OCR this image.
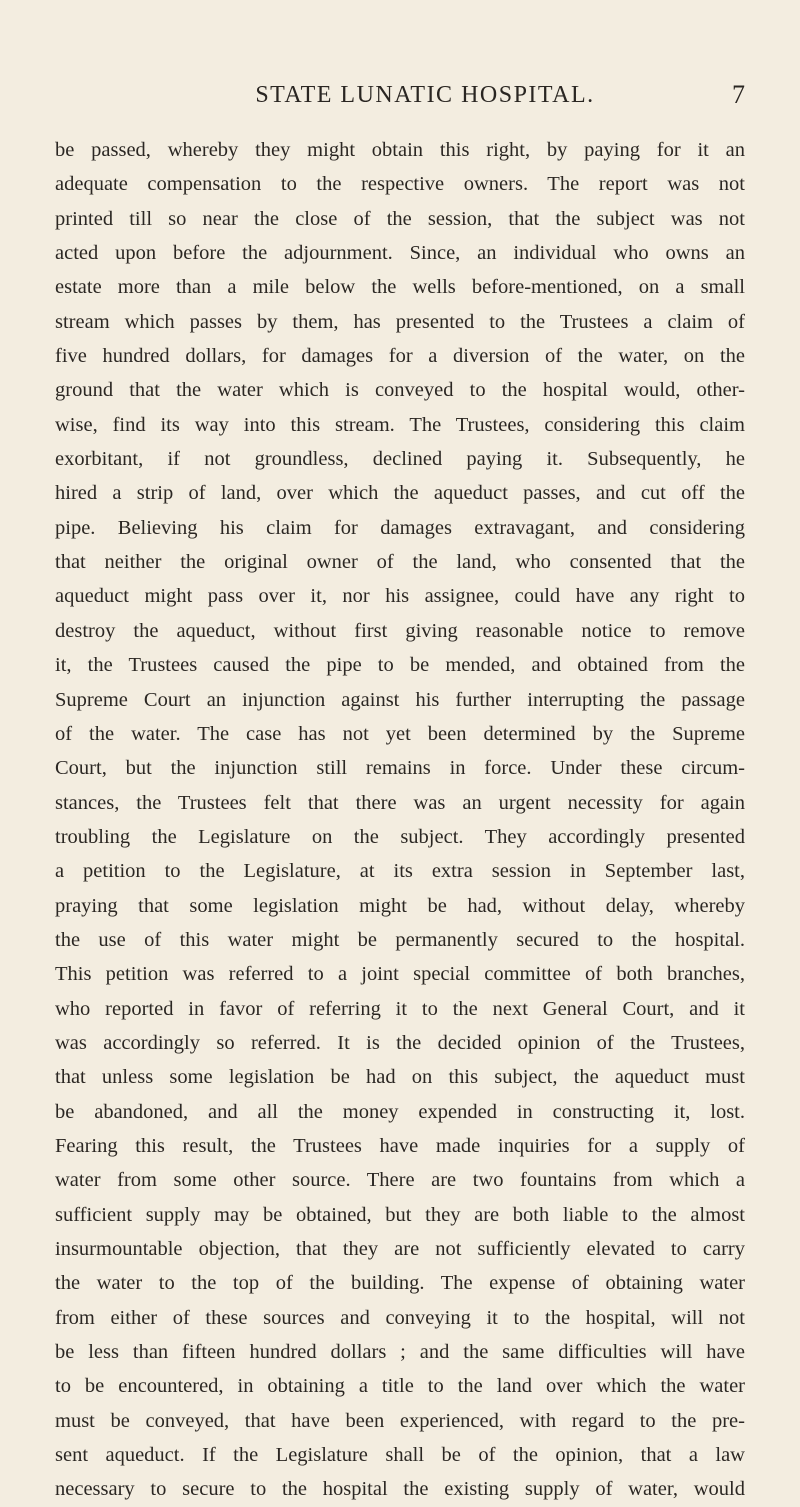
STATE LUNATIC HOSPITAL.	7
be passed, whereby they might obtain this right, by paying for it an
adequate compensation to the respective owners. The report was not
printed till so near the close of the session, that the subject was not
acted upon before the adjournment. Since, an individual who owns an
estate more than a mile below the wells before-mentioned, on a small
stream which passes by them, has presented to the Trustees a claim of
five hundred dollars, for damages for a diversion of the water, on the
ground that the water which is conveyed to the hospital would, other-
wise, find its way into this stream. The Trustees, considering this claim
exorbitant, if not groundless, declined paying it. Subsequently, he
hired a strip of land, over which the aqueduct passes, and cut off the
pipe. Believing his claim for damages extravagant, and considering
that neither the original owner of the land, who consented that the
aqueduct might pass over it, nor his assignee, could have any right to
destroy the aqueduct, without first giving reasonable notice to remove
it, the Trustees caused the pipe to be mended, and obtained from the
Supreme Court an injunction against his further interrupting the passage
of the water. The case has not yet been determined by the Supreme
Court, but the injunction still remains in force. Under these circum-
stances, the Trustees felt that there was an urgent necessity for again
troubling the Legislature on the subject. They accordingly presented
a petition to the Legislature, at its extra session in September last,
praying that some legislation might be had, without delay, whereby
the use of this water might be permanently secured to the hospital.
This petition was referred to a joint special committee of both branches,
who reported in favor of referring it to the next General Court, and it
was accordingly so referred. It is the decided opinion of the Trustees,
that unless some legislation be had on this subject, the aqueduct must
be abandoned, and all the money expended in constructing it, lost.
Fearing this result, the Trustees have made inquiries for a supply of
water from some other source. There are two fountains from which a
sufficient supply may be obtained, but they are both liable to the almost
insurmountable objection, that they are not sufficiently elevated to carry
the water to the top of the building. The expense of obtaining water
from either of these sources and conveying it to the hospital, will not
be less than fifteen hundred dollars ; and the same difficulties will have
to be encountered, in obtaining a title to the land over which the water
must be conveyed, that have been experienced, with regard to the pre-
sent aqueduct. If the Legislature shall be of the opinion, that a law
necessary to secure to the hospital the existing supply of water, would
